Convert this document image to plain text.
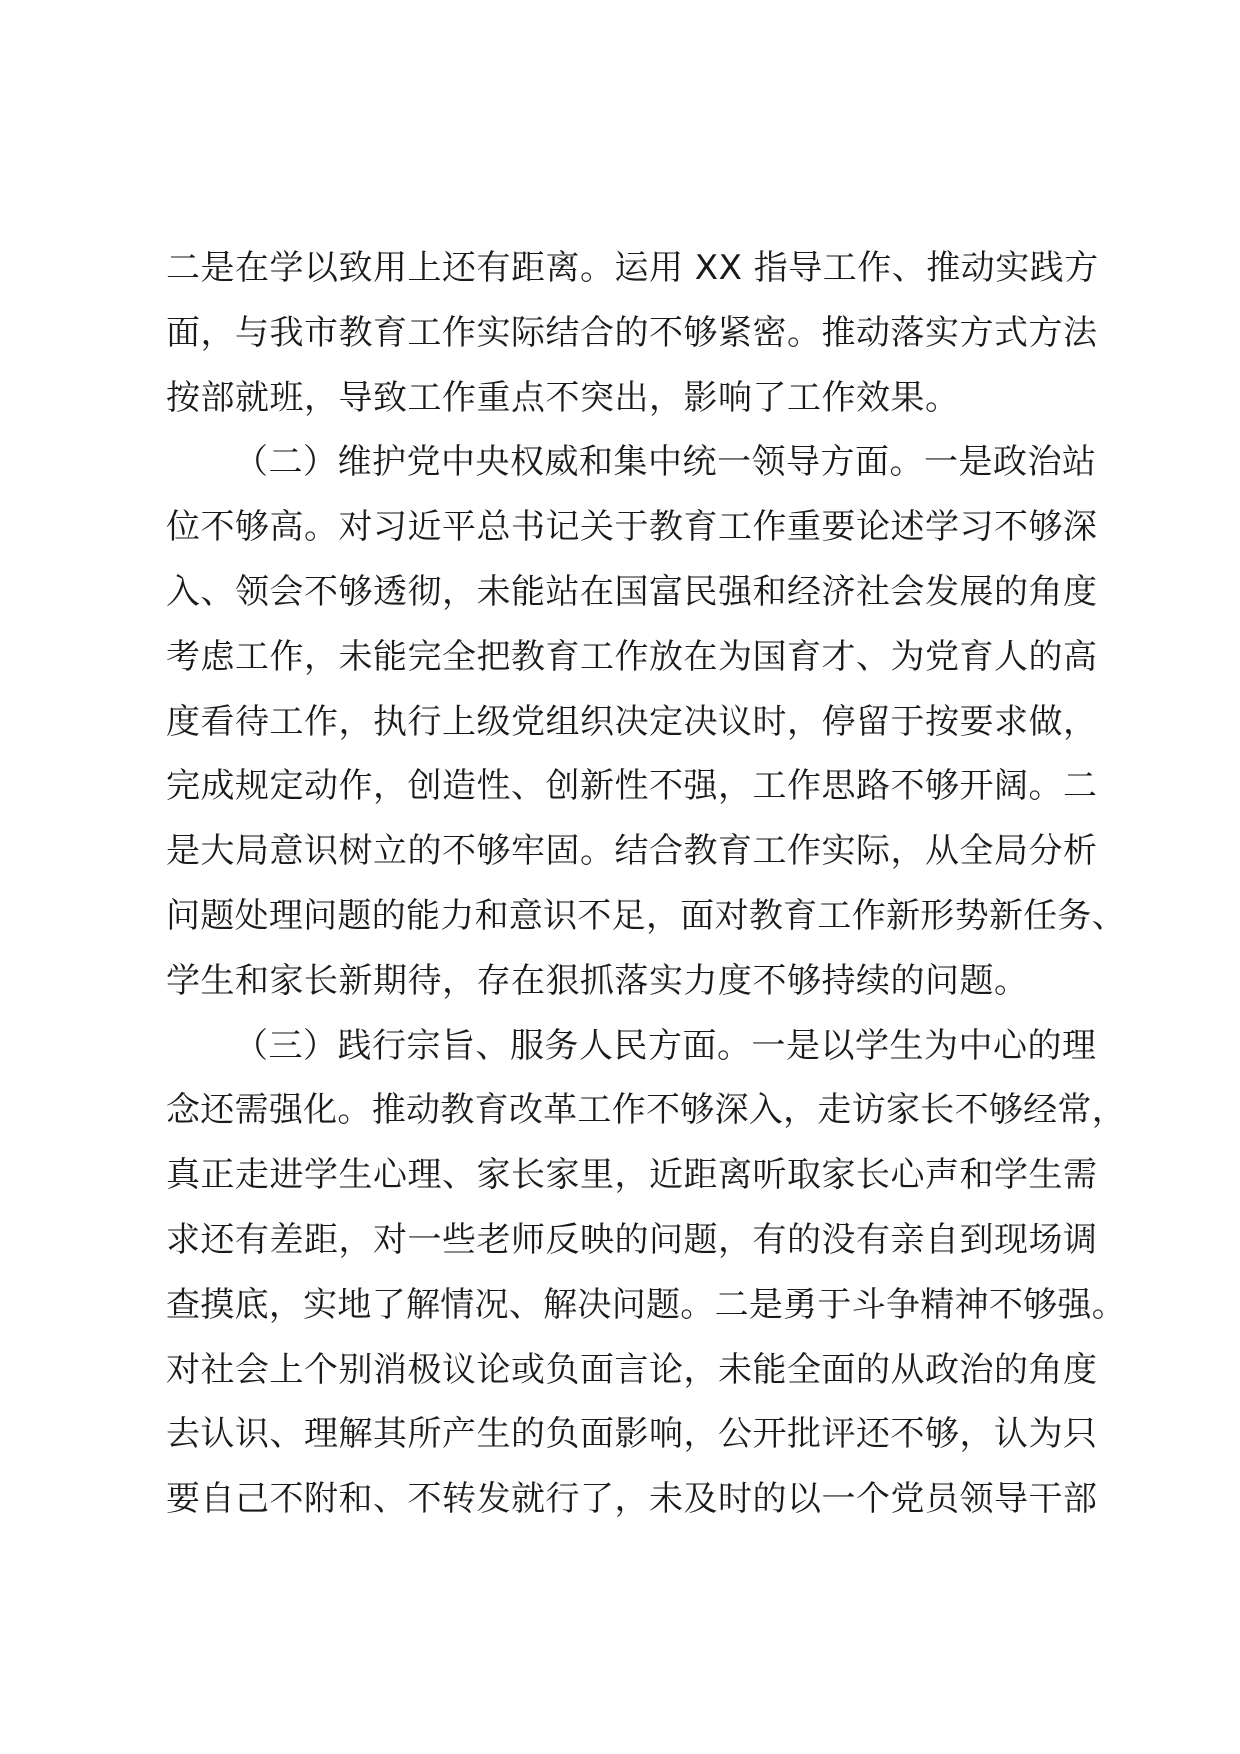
二是在学以致用上还有距离。运用 XX 指导工作、推动实践方
面，与我市教育工作实际结合的不够紧密。推动落实方式方法
按部就班，导致工作重点不突出，影响了工作效果。
（二）维护党中央权威和集中统一领导方面。一是政治站
位不够高。对习近平总书记关于教育工作重要论述学习不够深
入、领会不够透彻，未能站在国富民强和经济社会发展的角度
考虑工作，未能完全把教育工作放在为国育才、为党育人的高
度看待工作，执行上级党组织决定决议时，停留于按要求做，
完成规定动作，创造性、创新性不强，工作思路不够开阔。二
是大局意识树立的不够牢固。结合教育工作实际，从全局分析
问题处理问题的能力和意识不足，面对教育工作新形势新任务、
学生和家长新期待，存在狠抓落实力度不够持续的问题。
（三）践行宗旨、服务人民方面。一是以学生为中心的理
念还需强化。推动教育改革工作不够深入，走访家长不够经常，
真正走进学生心理、家长家里，近距离听取家长心声和学生需
求还有差距，对一些老师反映的问题，有的没有亲自到现场调
查摸底，实地了解情况、解决问题。二是勇于斗争精神不够强。
对社会上个别消极议论或负面言论，未能全面的从政治的角度
去认识、理解其所产生的负面影响，公开批评还不够，认为只
要自己不附和、不转发就行了，未及时的以一个党员领导干部
